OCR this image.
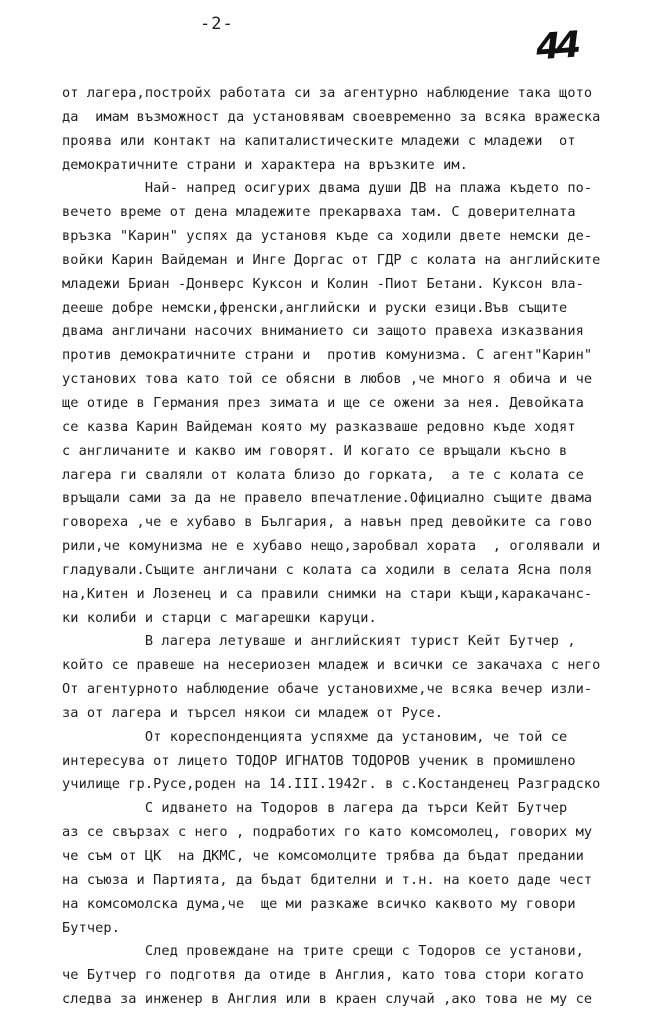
-2-
44
от лагера,постройх работата си за агентурно наблюдение така щото
да  имам възможност да установявам своевременно за всяка вражеска
проява или контакт на капиталистическите младежи с младежи  от
демократичните страни и характера на връзките им.
Най- напред осигурих двама души ДВ на плажа където по-
вечето време от дена младежите прекарваха там. С доверителната
връзка "Карин" успях да установя къде са ходили двете немски де-
войки Карин Вайдеман и Инге Доргас от ГДР с колата на английските
младежи Бриан -Донверс Куксон и Колин -Пиот Бетани. Куксон вла-
дееше добре немски,френски,английски и руски езици.Във същите
двама англичани насочих вниманието си защото правеха изказвания
против демократичните страни и  против комунизма. С агент"Карин"
установих това като той се обясни в любов ,че много я обича и че
ще отиде в Германия през зимата и ще се ожени за нея. Девойката
се казва Карин Вайдеман която му разказваше редовно къде ходят
с англичаните и какво им говорят. И когато се връщали късно в
лагера ги сваляли от колата близо до горката,  а те с колата се
връщали сами за да не правело впечатление.Официално същите двама
говореха ,че е хубаво в България, а навън пред девойките са гово
рили,че комунизма не е хубаво нещо,заробвал хората  , оголявали и
гладували.Същите англичани с колата са ходили в селата Ясна поля
на,Китен и Лозенец и са правили снимки на стари къщи,каракачанс-
ки колиби и старци с магарешки каруци.
В лагера летуваше и английският турист Кейт Бутчер ,
който се правеше на несериозен младеж и всички се закачаха с него
От агентурното наблюдение обаче установихме,че всяка вечер изли-
за от лагера и търсел някои си младеж от Русе.
От кореспонденцията успяхме да установим, че той се
интересува от лицето ТОДОР ИГНАТОВ ТОДОРОВ ученик в промишлено
училище гр.Русе,роден на 14.III.1942г. в с.Костанденец Разградско
С идването на Тодоров в лагера да търси Кейт Бутчер
аз се свързах с него , подработих го като комсомолец, говорих му
че съм от ЦК  на ДКМС, че комсомолците трябва да бъдат предании
на съюза и Партията, да бъдат бдителни и т.н. на което даде чест
на комсомолска дума,че  ще ми разкаже всичко каквото му говори
Бутчер.
След провеждане на трите срещи с Тодоров се установи,
че Бутчер го подготвя да отиде в Англия, като това стори когато
следва за инженер в Англия или в краен случай ,ако това не му се
